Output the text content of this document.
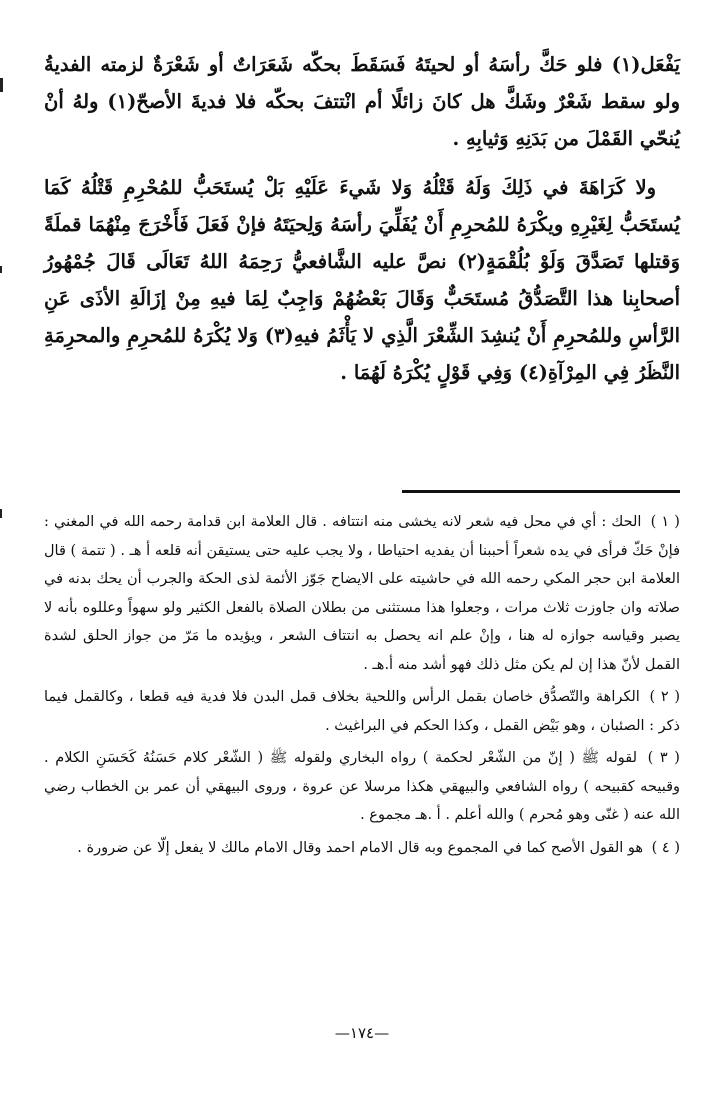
يَفْعَل(١) فلو حَكَّ رأسَهُ أو لحيتَهُ فَسَقَطَ بحكّه شَعَرَاتٌ أو شَعْرَةٌ لزمته الفديةُ ولو سقط شَعْرٌ وشَكَّ هل كانَ زائلًا أم انْتتفَ بحكّه فلا فديةَ الأصحّ(١) ولهُ أنْ يُنحّي القَمْلَ من بَدَنِهِ وَثيابِهِ .

ولا كَرَاهَةَ في ذَلِكَ وَلَهُ قَتْلُهُ وَلا شَيءَ عَلَيْهِ بَلْ يُستَحَبُّ للمُحْرِمِ قَتْلُهُ كَمَا يُستَحَبُّ لِغَيْرِهِ ويكْرَهُ للمُحرِمِ أَنْ يُفَلِّيَ رأسَهُ وَلِحيَتَهُ فإنْ فَعَلَ فَأَخْرَجَ مِنْهُمَا قملَةً وَقتلها تَصَدَّقَ وَلَوْ بُلُقْمَةٍ(٢) نصَّ عليه الشَّافعيُّ رَحِمَهُ اللهُ تَعَالَى قَالَ جُمْهُورُ أصحابِنا هذا التَّصَدُّقُ مُستَحَبٌّ وَقَالَ بَعْضُهُمْ وَاجِبٌ لِمَا فيهِ مِنْ إزَالَةِ الأذَى عَنِ الرَّأسِ وللمُحرِمِ أَنْ يُنشِدَ الشِّعْرَ الَّذِي لا يَأْثَمُ فيهِ(٣) وَلا يُكْرَهُ للمُحرِمِ والمحرِمَةِ النَّظَرُ فِي المِرْآةِ(٤) وَفِي قَوْلٍ يُكْرَهُ لَهُمَا .

( ١ ) الحك : أي في محل فيه شعر لانه يخشى منه انتتافه . قال العلامة ابن قدامة رحمه الله في المغني : فإنْ حَكّ فرأى في يده شعراً أحببنا أن يفديه احتياطا ، ولا يجب عليه حتى يستيقن أنه قلعه أ هـ . ( تتمة ) قال العلامة ابن حجر المكي رحمه الله في حاشيته على الايضاح جَوّز الأئمة لذى الحكة والجرب أن يحك بدنه في صلاته وان جاوزت ثلاث مرات ، وجعلوا هذا مستثنى من بطلان الصلاة بالفعل الكثير ولو سهواً وعللوه بأنه لا يصبر وقياسه جوازه له هنا ، وإنْ علم انه يحصل به انتتاف الشعر ، ويؤيده ما مَرّ من جواز الحلق لشدة القمل لأنّ هذا إن لم يكن مثل ذلك فهو أشد منه أ.هـ .

( ٢ ) الكراهة والتّصدُّق خاصان بقمل الرأس واللحية بخلاف قمل البدن فلا فدية فيه قطعا ، وكالقمل فيما ذكر : الصئبان ، وهو بَيْض القمل ، وكذا الحكم في البراغيث .

( ٣ ) لقوله ﷺ ( إنّ من الشّعْر لحكمة ) رواه البخاري ولقوله ﷺ ( الشّعْر كلام حَسَنُهُ كَحَسَنِ الكلام . وقبيحه كقبيحه ) رواه الشافعي والبيهقي هكذا مرسلا عن عروة ، وروى البيهقي أن عمر بن الخطاب رضي الله عنه ( غنّى وهو مُحرم ) والله أعلم . أ .هـ مجموع .

( ٤ ) هو القول الأصح كما في المجموع وبه قال الامام احمد وقال الامام مالك لا يفعل إلّا عن ضرورة .

—١٧٤—
